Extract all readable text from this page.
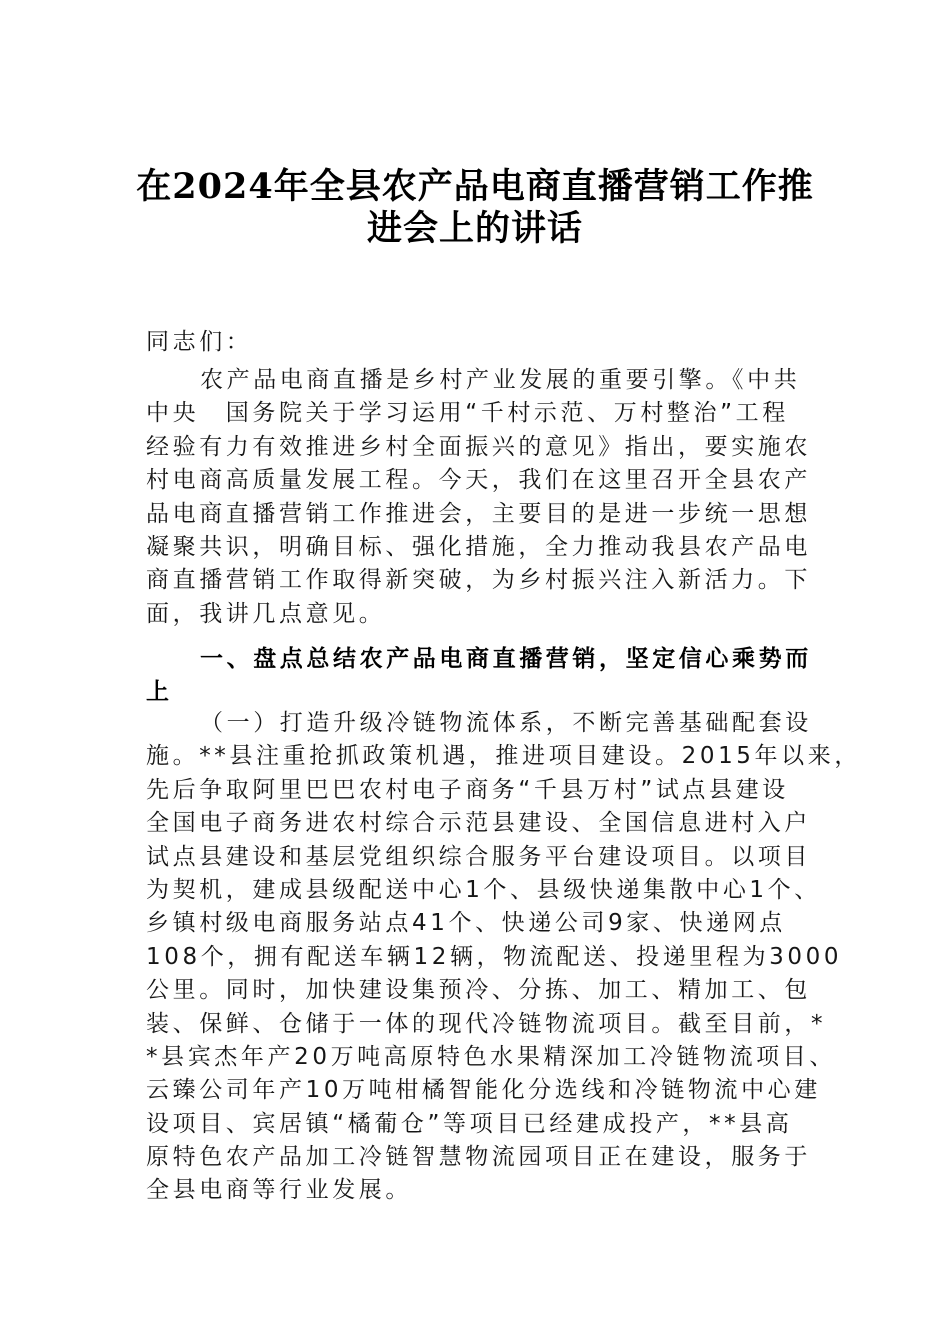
在2024年全县农产品电商直播营销工作推
进会上的讲话
同志们：
农产品电商直播是乡村产业发展的重要引擎。《中共
中央　国务院关于学习运用“千村示范、万村整治”工程
经验有力有效推进乡村全面振兴的意见》指出，要实施农
村电商高质量发展工程。今天，我们在这里召开全县农产
品电商直播营销工作推进会，主要目的是进一步统一思想
凝聚共识，明确目标、强化措施，全力推动我县农产品电
商直播营销工作取得新突破，为乡村振兴注入新活力。下
面，我讲几点意见。
一、盘点总结农产品电商直播营销，坚定信心乘势而
上
（一）打造升级冷链物流体系，不断完善基础配套设
施。**县注重抢抓政策机遇，推进项目建设。2015年以来，
先后争取阿里巴巴农村电子商务“千县万村”试点县建设
全国电子商务进农村综合示范县建设、全国信息进村入户
试点县建设和基层党组织综合服务平台建设项目。以项目
为契机，建成县级配送中心1个、县级快递集散中心1个、
乡镇村级电商服务站点41个、快递公司9家、快递网点
108个，拥有配送车辆12辆，物流配送、投递里程为3000
公里。同时，加快建设集预冷、分拣、加工、精加工、包
装、保鲜、仓储于一体的现代冷链物流项目。截至目前，*
*县宾杰年产20万吨高原特色水果精深加工冷链物流项目、
云臻公司年产10万吨柑橘智能化分选线和冷链物流中心建
设项目、宾居镇“橘葡仓”等项目已经建成投产，**县高
原特色农产品加工冷链智慧物流园项目正在建设，服务于
全县电商等行业发展。
